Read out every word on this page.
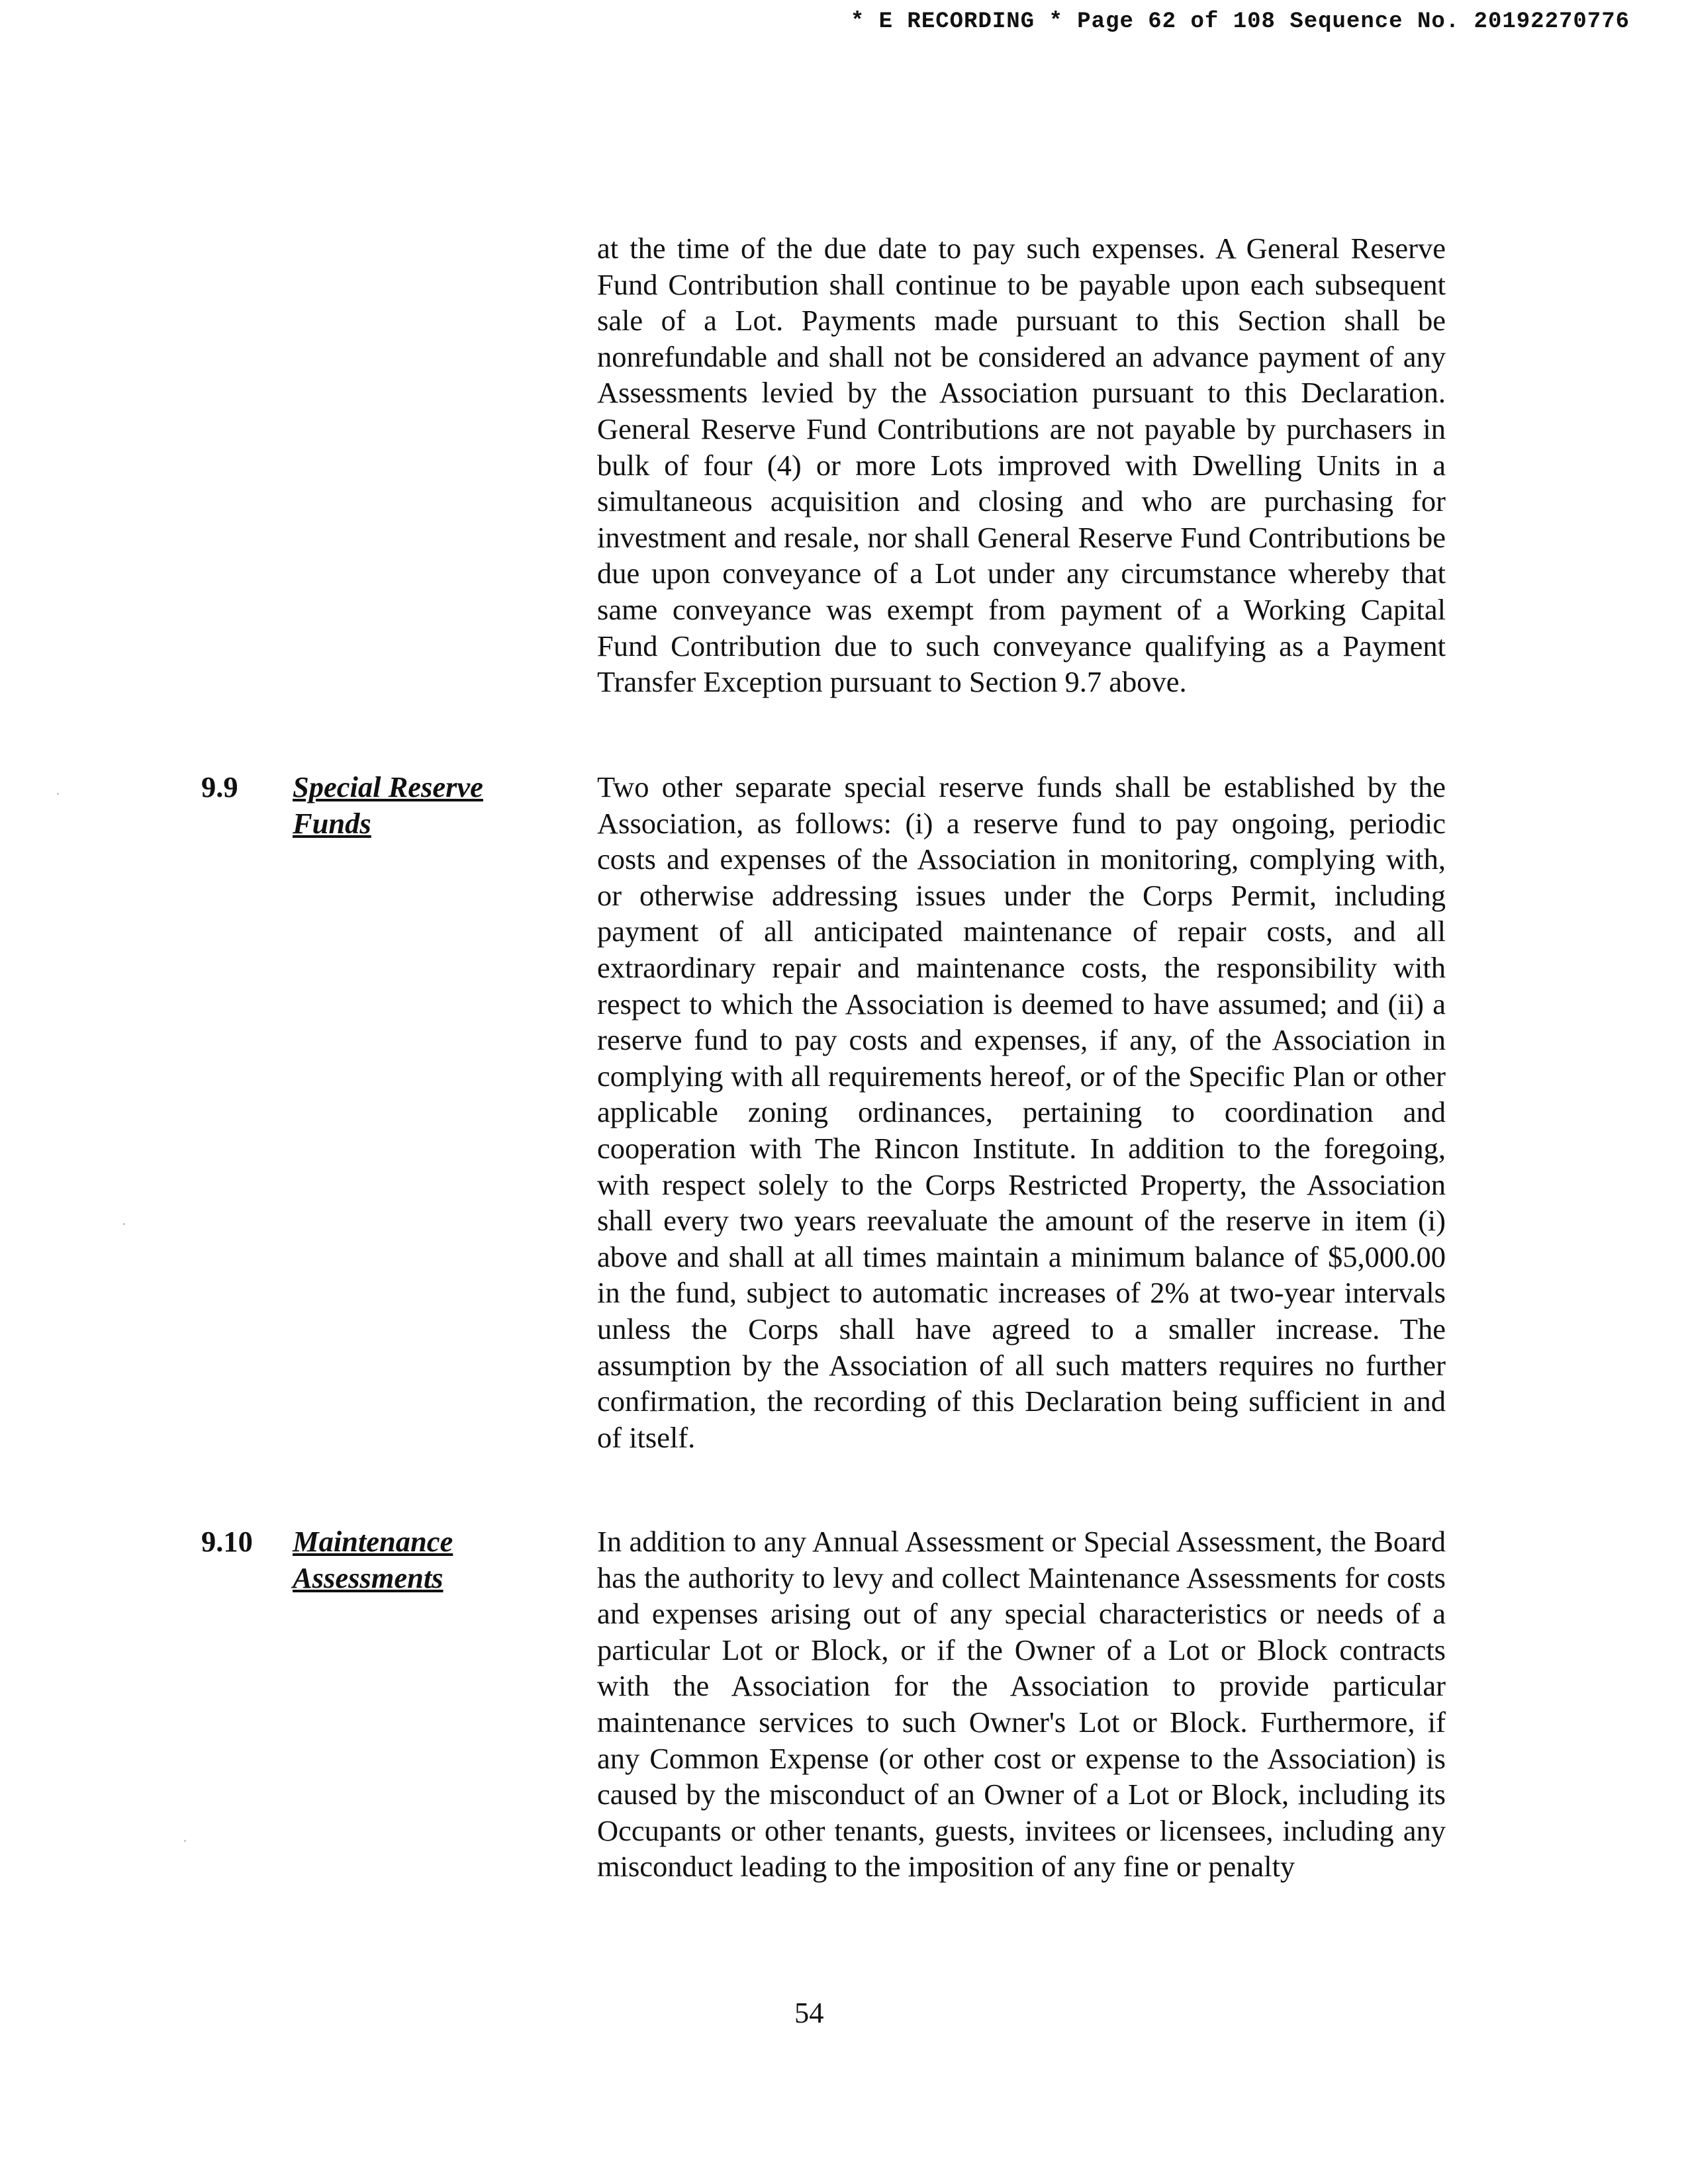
* E RECORDING * Page 62 of 108 Sequence No. 20192270776

at the time of the due date to pay such expenses. A General Reserve Fund Contribution shall continue to be payable upon each subsequent sale of a Lot. Payments made pursuant to this Section shall be nonrefundable and shall not be considered an advance payment of any Assessments levied by the Association pursuant to this Declaration. General Reserve Fund Contributions are not payable by purchasers in bulk of four (4) or more Lots improved with Dwelling Units in a simultaneous acquisition and closing and who are purchasing for investment and resale, nor shall General Reserve Fund Contributions be due upon conveyance of a Lot under any circumstance whereby that same conveyance was exempt from payment of a Working Capital Fund Contribution due to such conveyance qualifying as a Payment Transfer Exception pursuant to Section 9.7 above.

9.9 Special Reserve
Funds

Two other separate special reserve funds shall be established by the Association, as follows: (i) a reserve fund to pay ongoing, periodic costs and expenses of the Association in monitoring, complying with, or otherwise addressing issues under the Corps Permit, including payment of all anticipated maintenance of repair costs, and all extraordinary repair and maintenance costs, the responsibility with respect to which the Association is deemed to have assumed; and (ii) a reserve fund to pay costs and expenses, if any, of the Association in complying with all requirements hereof, or of the Specific Plan or other applicable zoning ordinances, pertaining to coordination and cooperation with The Rincon Institute. In addition to the foregoing, with respect solely to the Corps Restricted Property, the Association shall every two years reevaluate the amount of the reserve in item (i) above and shall at all times maintain a minimum balance of $5,000.00 in the fund, subject to automatic increases of 2% at two-year intervals unless the Corps shall have agreed to a smaller increase. The assumption by the Association of all such matters requires no further confirmation, the recording of this Declaration being sufficient in and of itself.

9.10 Maintenance
Assessments

In addition to any Annual Assessment or Special Assessment, the Board has the authority to levy and collect Maintenance Assessments for costs and expenses arising out of any special characteristics or needs of a particular Lot or Block, or if the Owner of a Lot or Block contracts with the Association for the Association to provide particular maintenance services to such Owner's Lot or Block. Furthermore, if any Common Expense (or other cost or expense to the Association) is caused by the misconduct of an Owner of a Lot or Block, including its Occupants or other tenants, guests, invitees or licensees, including any misconduct leading to the imposition of any fine or penalty

54
